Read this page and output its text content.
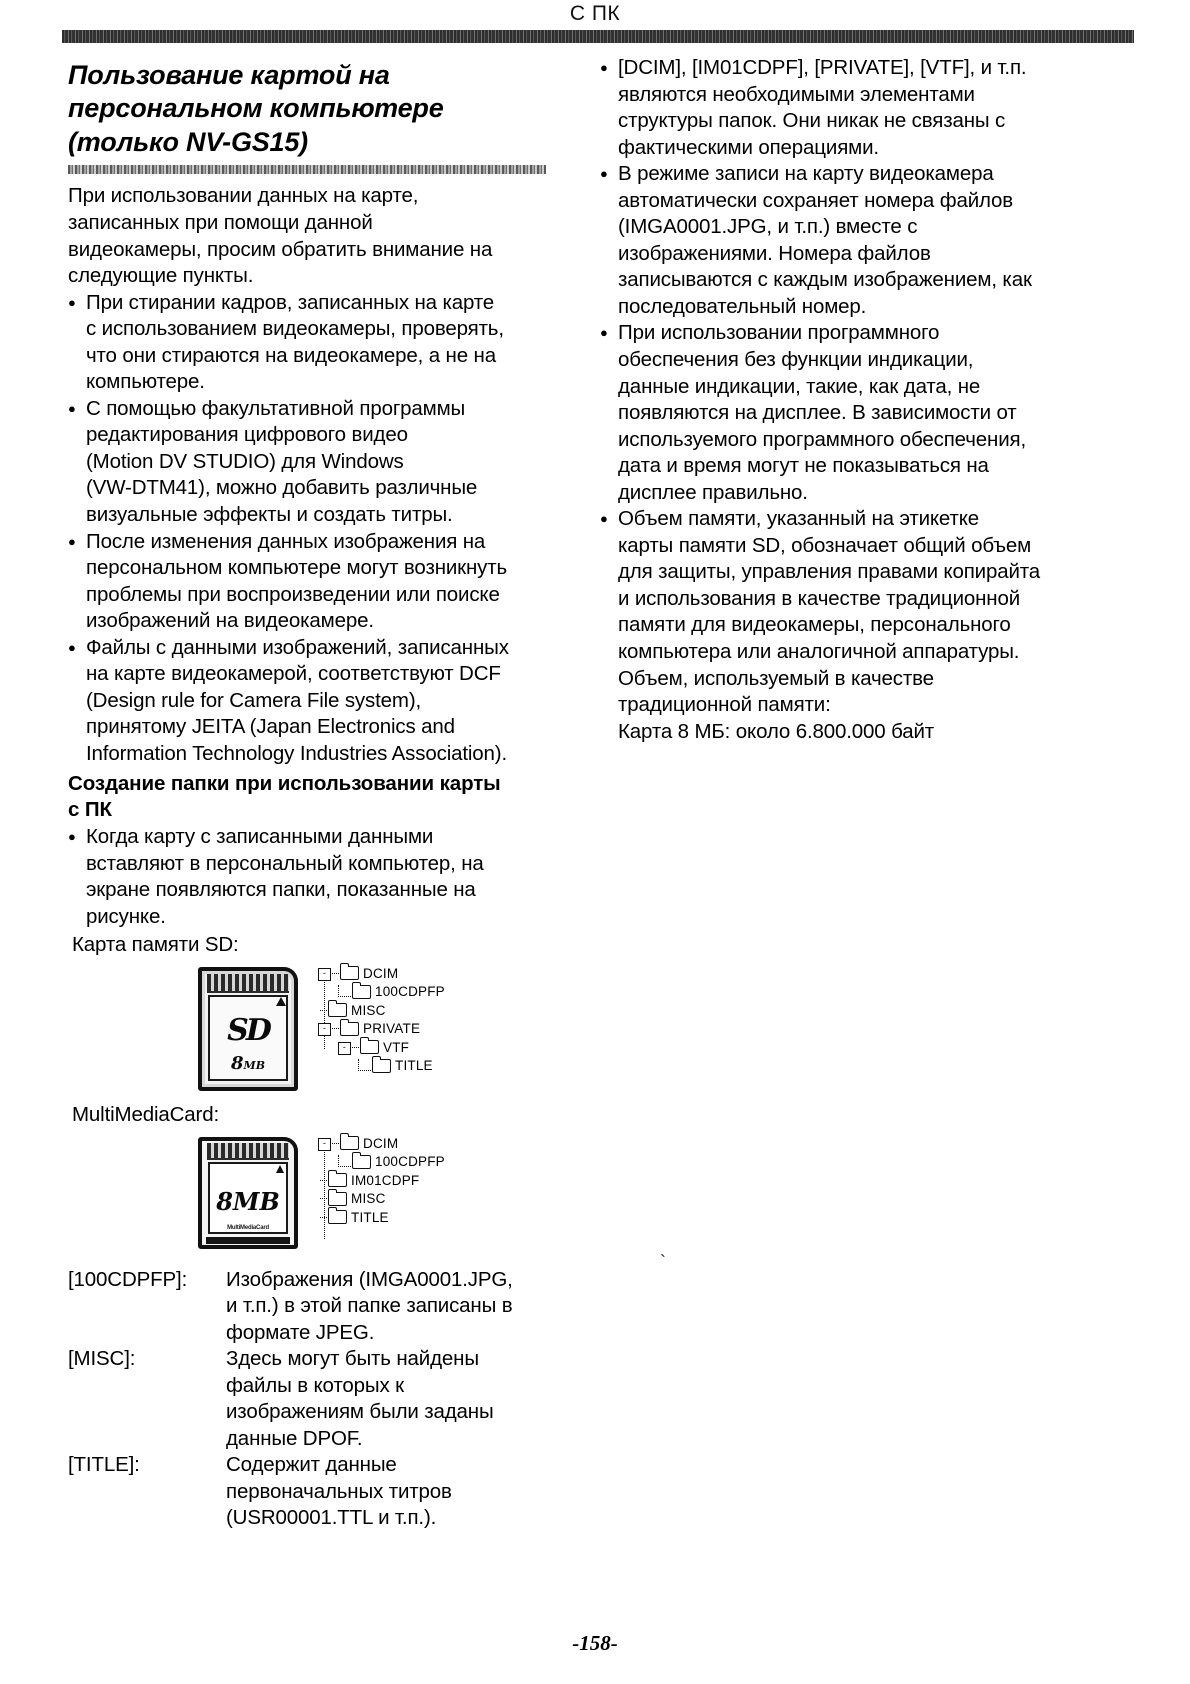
С ПК
Пользование картой на
персональном компьютере
(только NV-GS15)

При использовании данных на карте,
записанных при помощи данной
видеокамеры, просим обратить внимание на
следующие пункты.

● При стирании кадров, записанных на карте
с использованием видеокамеры, проверять,
что они стираются на видеокамере, а не на
компьютере.
● С помощью факультативной программы
редактирования цифрового видео
(Motion DV STUDIO) для Windows
(VW-DTM41), можно добавить различные
визуальные эффекты и создать титры.
● После изменения данных изображения на
персональном компьютере могут возникнуть
проблемы при воспроизведении или поиске
изображений на видеокамере.
● Файлы с данными изображений, записанных
на карте видеокамерой, соответствуют DCF
(Design rule for Camera File system),
принятому JEITA (Japan Electronics and
Information Technology Industries Association).
Создание папки при использовании карты
с ПК
● Когда карту с записанными данными
вставляют в персональный компьютер, на
экране появляются папки, показанные на
рисунке.
Карта памяти SD:
SD
8MB
-	DCIM
100CDPFP
MISC
-	PRIVATE
-	VTF
TITLE
MultiMediaCard:
8MB
MultiMediaCard
-	DCIM
100CDPFP
IM01CDPF
MISC
TITLE
[100CDPFP]:	Изображения (IMGA0001.JPG,
и т.п.) в этой папке записаны в
формате JPEG.
[MISC]:	Здесь могут быть найдены
файлы в которых к
изображениям были заданы
данные DPOF.
[TITLE]:	Содержит данные
первоначальных титров
(USR00001.TTL и т.п.).
● [DCIM], [IM01CDPF], [PRIVATE], [VTF], и т.п.
являются необходимыми элементами
структуры папок. Они никак не связаны с
фактическими операциями.
● В режиме записи на карту видеокамера
автоматически сохраняет номера файлов
(IMGA0001.JPG, и т.п.) вместе с
изображениями. Номера файлов
записываются с каждым изображением, как
последовательный номер.
● При использовании программного
обеспечения без функции индикации,
данные индикации, такие, как дата, не
появляются на дисплее. В зависимости от
используемого программного обеспечения,
дата и время могут не показываться на
дисплее правильно.
● Объем памяти, указанный на этикетке
карты памяти SD, обозначает общий объем
для защиты, управления правами копирайта
и использования в качестве традиционной
памяти для видеокамеры, персонального
компьютера или аналогичной аппаратуры.
Объем, используемый в качестве
традиционной памяти:
Карта 8 МБ: около 6.800.000 байт
`
-158-
